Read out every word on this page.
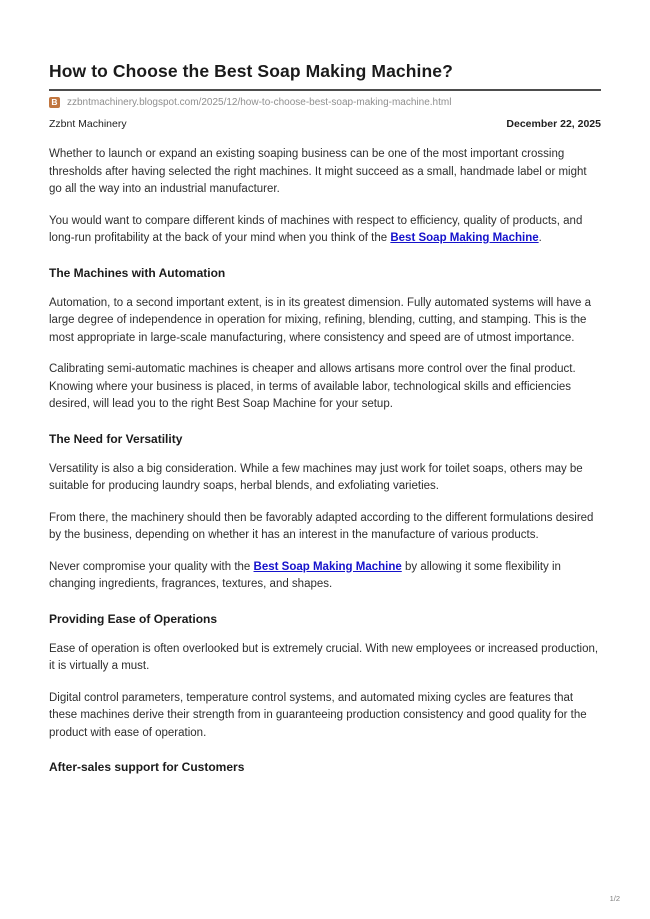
How to Choose the Best Soap Making Machine?
B zzbntmachinery.blogspot.com/2025/12/how-to-choose-best-soap-making-machine.html
Zzbnt Machinery	December 22, 2025

Whether to launch or expand an existing soaping business can be one of the most important crossing thresholds after having selected the right machines. It might succeed as a small, handmade label or might go all the way into an industrial manufacturer.

You would want to compare different kinds of machines with respect to efficiency, quality of products, and long-run profitability at the back of your mind when you think of the Best Soap Making Machine.

The Machines with Automation

Automation, to a second important extent, is in its greatest dimension. Fully automated systems will have a large degree of independence in operation for mixing, refining, blending, cutting, and stamping. This is the most appropriate in large-scale manufacturing, where consistency and speed are of utmost importance.

Calibrating semi-automatic machines is cheaper and allows artisans more control over the final product. Knowing where your business is placed, in terms of available labor, technological skills and efficiencies desired, will lead you to the right Best Soap Machine for your setup.

The Need for Versatility

Versatility is also a big consideration. While a few machines may just work for toilet soaps, others may be suitable for producing laundry soaps, herbal blends, and exfoliating varieties.

From there, the machinery should then be favorably adapted according to the different formulations desired by the business, depending on whether it has an interest in the manufacture of various products.

Never compromise your quality with the Best Soap Making Machine by allowing it some flexibility in changing ingredients, fragrances, textures, and shapes.

Providing Ease of Operations

Ease of operation is often overlooked but is extremely crucial. With new employees or increased production, it is virtually a must.

Digital control parameters, temperature control systems, and automated mixing cycles are features that these machines derive their strength from in guaranteeing production consistency and good quality for the product with ease of operation.

After-sales support for Customers
1/2
